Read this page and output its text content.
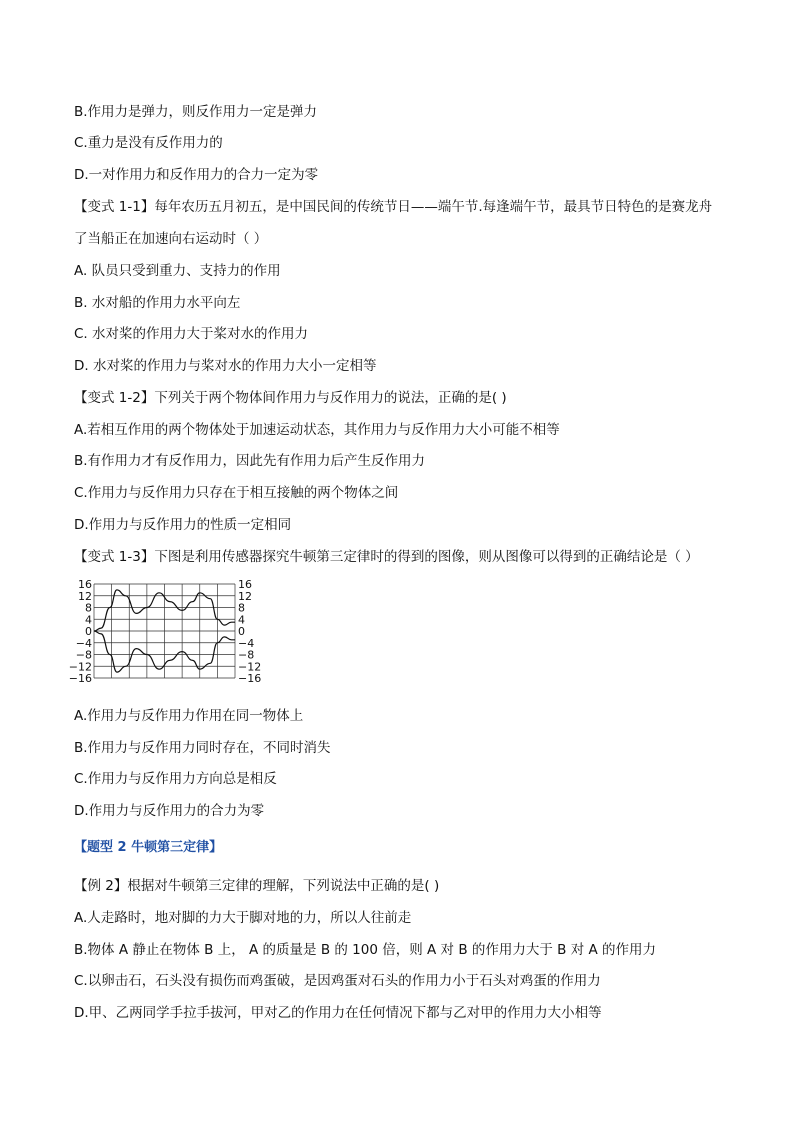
B.作用力是弹力，则反作用力一定是弹力
C.重力是没有反作用力的
D.一对作用力和反作用力的合力一定为零
【变式 1-1】每年农历五月初五，是中国民间的传统节日——端午节.每逢端午节，最具节日特色的是赛龙舟
了当船正在加速向右运动时（ ）
A. 队员只受到重力、支持力的作用
B. 水对船的作用力水平向左
C. 水对桨的作用力大于桨对水的作用力
D. 水对桨的作用力与桨对水的作用力大小一定相等
【变式 1-2】下列关于两个物体间作用力与反作用力的说法，正确的是( )
A.若相互作用的两个物体处于加速运动状态，其作用力与反作用力大小可能不相等
B.有作用力才有反作用力，因此先有作用力后产生反作用力
C.作用力与反作用力只存在于相互接触的两个物体之间
D.作用力与反作用力的性质一定相同
【变式 1-3】下图是利用传感器探究牛顿第三定律时的得到的图像，则从图像可以得到的正确结论是（ ）
16
12
8
4
0
−4
−8
−12
−16
16
12
8
4
0
−4
−8
−12
−16
A.作用力与反作用力作用在同一物体上
B.作用力与反作用力同时存在，不同时消失
C.作用力与反作用力方向总是相反
D.作用力与反作用力的合力为零
【题型 2 牛顿第三定律】
【例 2】根据对牛顿第三定律的理解，下列说法中正确的是( )
A.人走路时，地对脚的力大于脚对地的力，所以人往前走
B.物体 A 静止在物体 B 上， A 的质量是 B 的 100 倍，则 A 对 B 的作用力大于 B 对 A 的作用力
C.以卵击石，石头没有损伤而鸡蛋破，是因鸡蛋对石头的作用力小于石头对鸡蛋的作用力
D.甲、乙两同学手拉手拔河，甲对乙的作用力在任何情况下都与乙对甲的作用力大小相等
